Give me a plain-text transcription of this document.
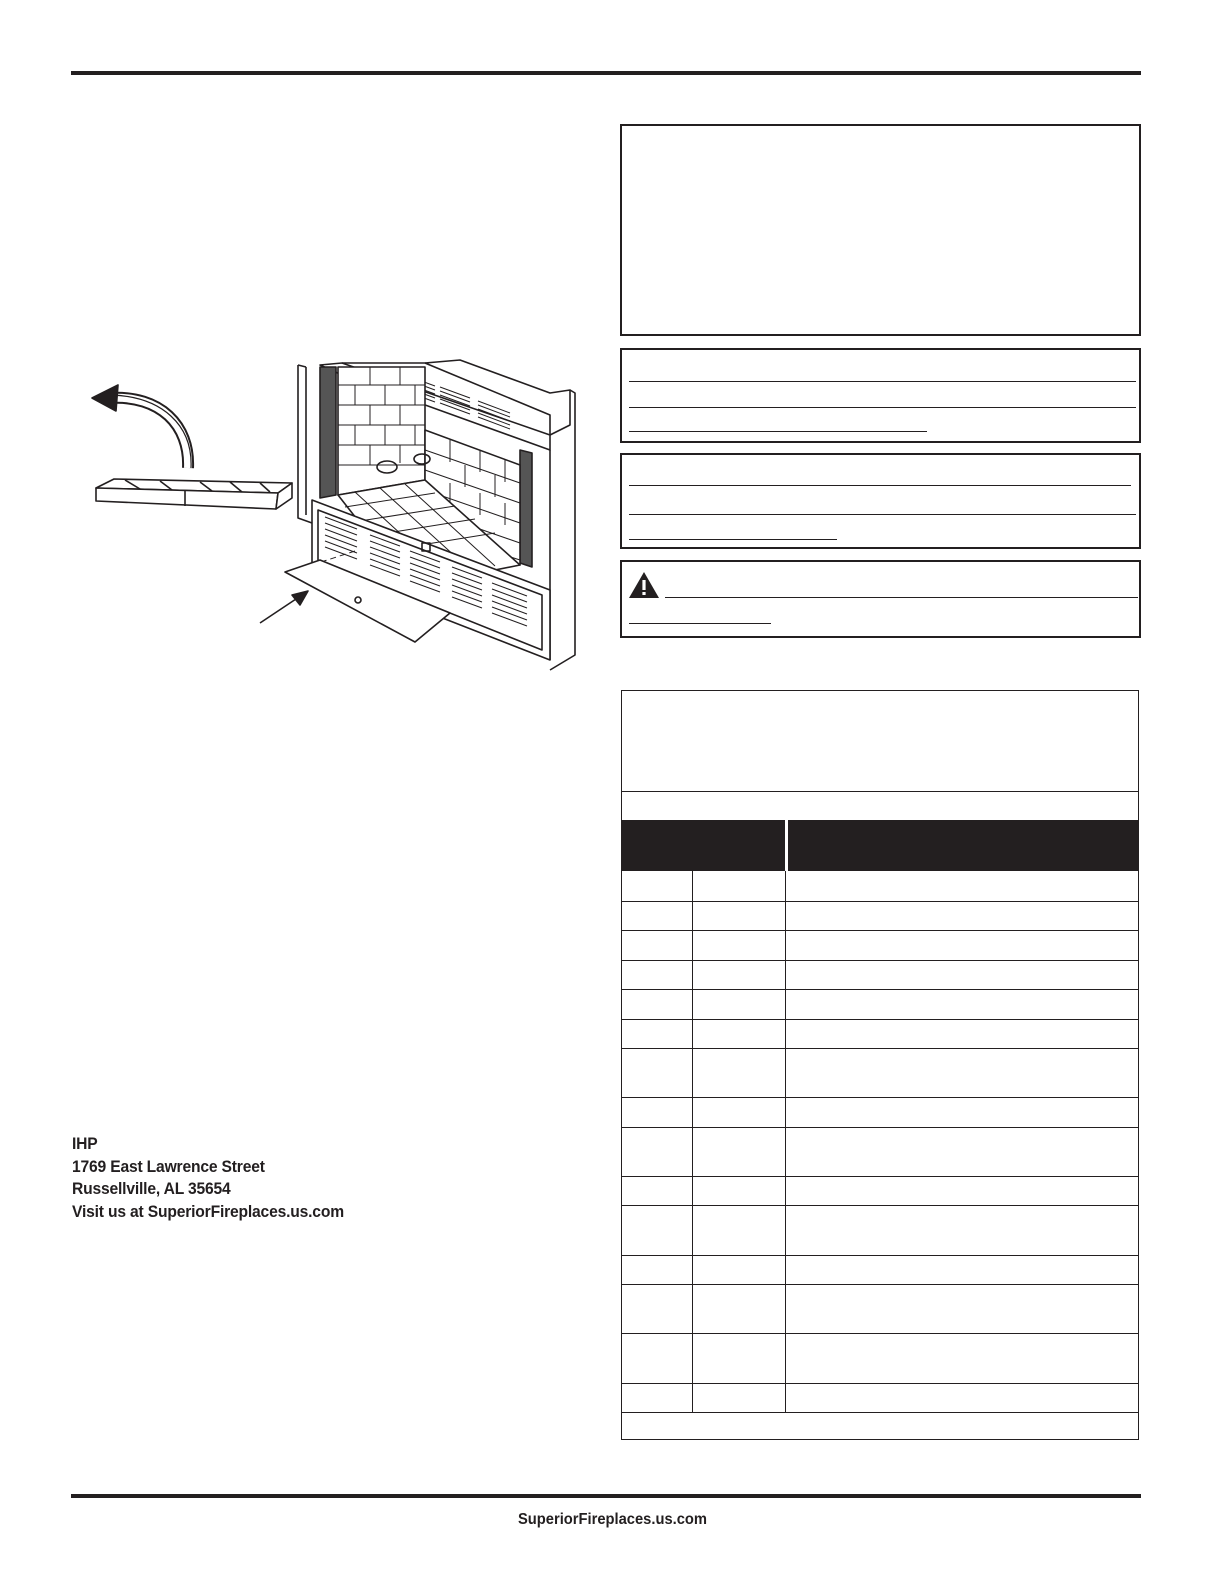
IHP
1769 East Lawrence Street
Russellville, AL 35654
Visit us at SuperiorFireplaces.us.com
SuperiorFireplaces.us.com
